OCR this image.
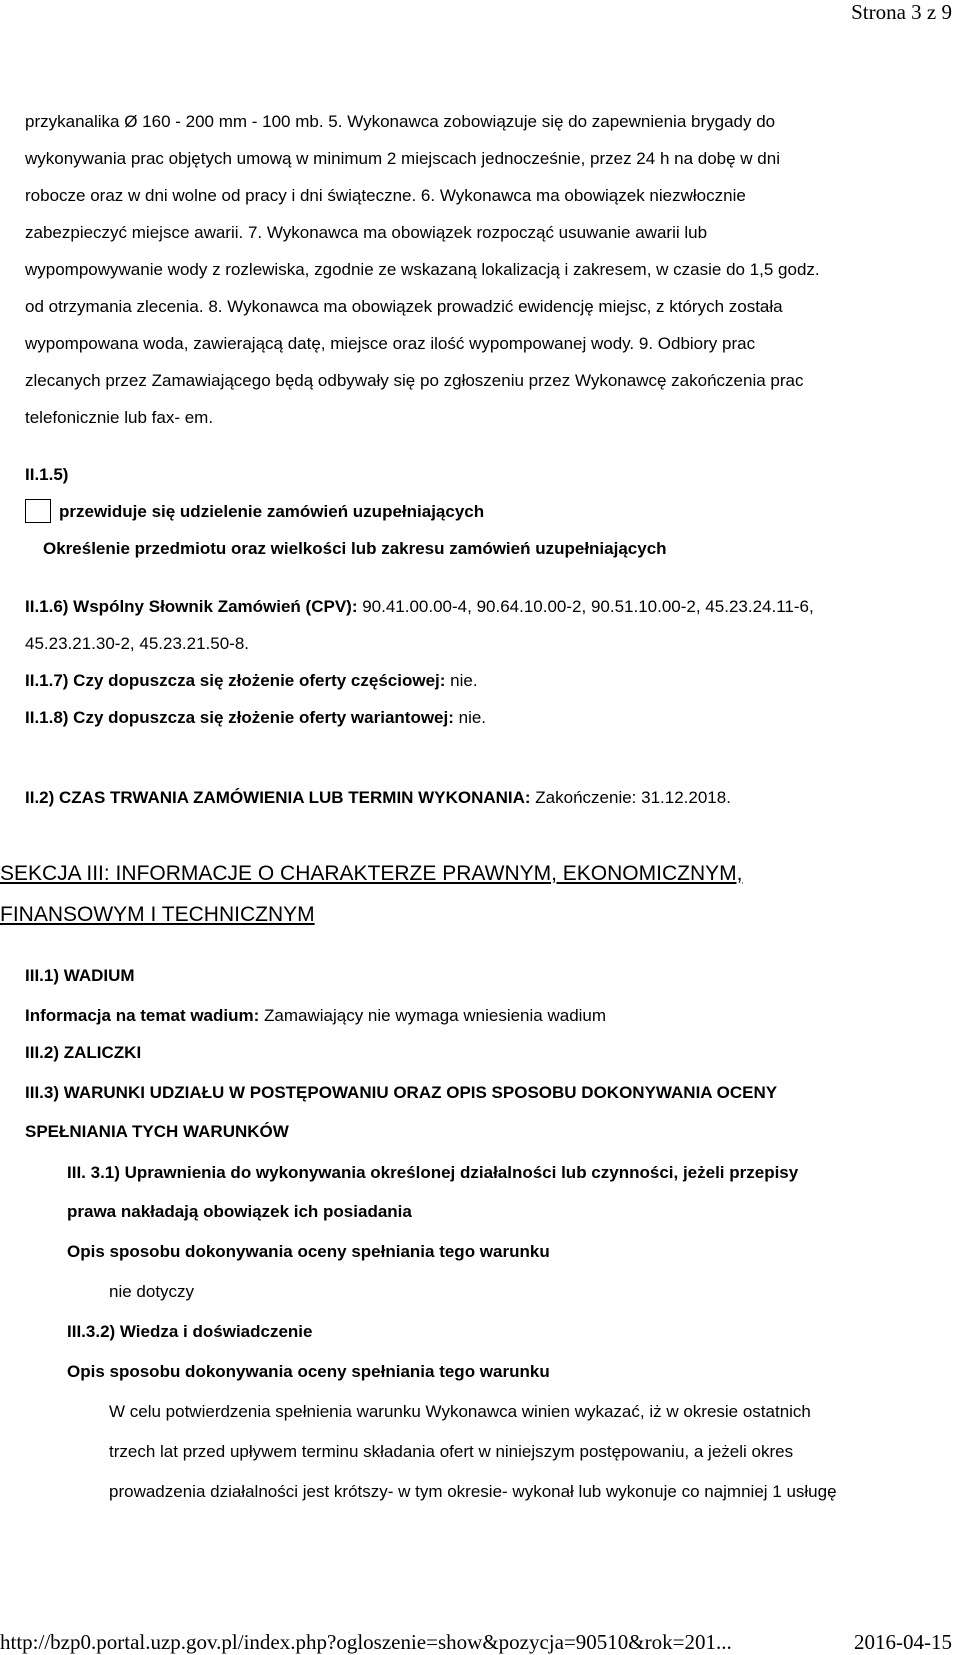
Strona 3 z 9
przykanalika Ø 160 - 200 mm - 100 mb. 5. Wykonawca zobowiązuje się do zapewnienia brygady do
wykonywania prac objętych umową w minimum 2 miejscach jednocześnie, przez 24 h na dobę w dni
robocze oraz w dni wolne od pracy i dni świąteczne. 6. Wykonawca ma obowiązek niezwłocznie
zabezpieczyć miejsce awarii. 7. Wykonawca ma obowiązek rozpocząć usuwanie awarii lub
wypompowywanie wody z rozlewiska, zgodnie ze wskazaną lokalizacją i zakresem, w czasie do 1,5 godz.
od otrzymania zlecenia. 8. Wykonawca ma obowiązek prowadzić ewidencję miejsc, z których została
wypompowana woda, zawierającą datę, miejsce oraz ilość wypompowanej wody. 9. Odbiory prac
zlecanych przez Zamawiającego będą odbywały się po zgłoszeniu przez Wykonawcę zakończenia prac
telefonicznie lub fax- em.
II.1.5)
przewiduje się udzielenie zamówień uzupełniających
Określenie przedmiotu oraz wielkości lub zakresu zamówień uzupełniających
II.1.6) Wspólny Słownik Zamówień (CPV): 90.41.00.00-4, 90.64.10.00-2, 90.51.10.00-2, 45.23.24.11-6,
45.23.21.30-2, 45.23.21.50-8.
II.1.7) Czy dopuszcza się złożenie oferty częściowej: nie.
II.1.8) Czy dopuszcza się złożenie oferty wariantowej: nie.
II.2) CZAS TRWANIA ZAMÓWIENIA LUB TERMIN WYKONANIA: Zakończenie: 31.12.2018.
SEKCJA III: INFORMACJE O CHARAKTERZE PRAWNYM, EKONOMICZNYM,
FINANSOWYM I TECHNICZNYM
III.1) WADIUM
Informacja na temat wadium: Zamawiający nie wymaga wniesienia wadium
III.2) ZALICZKI
III.3) WARUNKI UDZIAŁU W POSTĘPOWANIU ORAZ OPIS SPOSOBU DOKONYWANIA OCENY
SPEŁNIANIA TYCH WARUNKÓW
III. 3.1) Uprawnienia do wykonywania określonej działalności lub czynności, jeżeli przepisy
prawa nakładają obowiązek ich posiadania
Opis sposobu dokonywania oceny spełniania tego warunku
nie dotyczy
III.3.2) Wiedza i doświadczenie
Opis sposobu dokonywania oceny spełniania tego warunku
W celu potwierdzenia spełnienia warunku Wykonawca winien wykazać, iż w okresie ostatnich
trzech lat przed upływem terminu składania ofert w niniejszym postępowaniu, a jeżeli okres
prowadzenia działalności jest krótszy- w tym okresie- wykonał lub wykonuje co najmniej 1 usługę
http://bzp0.portal.uzp.gov.pl/index.php?ogloszenie=show&pozycja=90510&rok=201...	2016-04-15
